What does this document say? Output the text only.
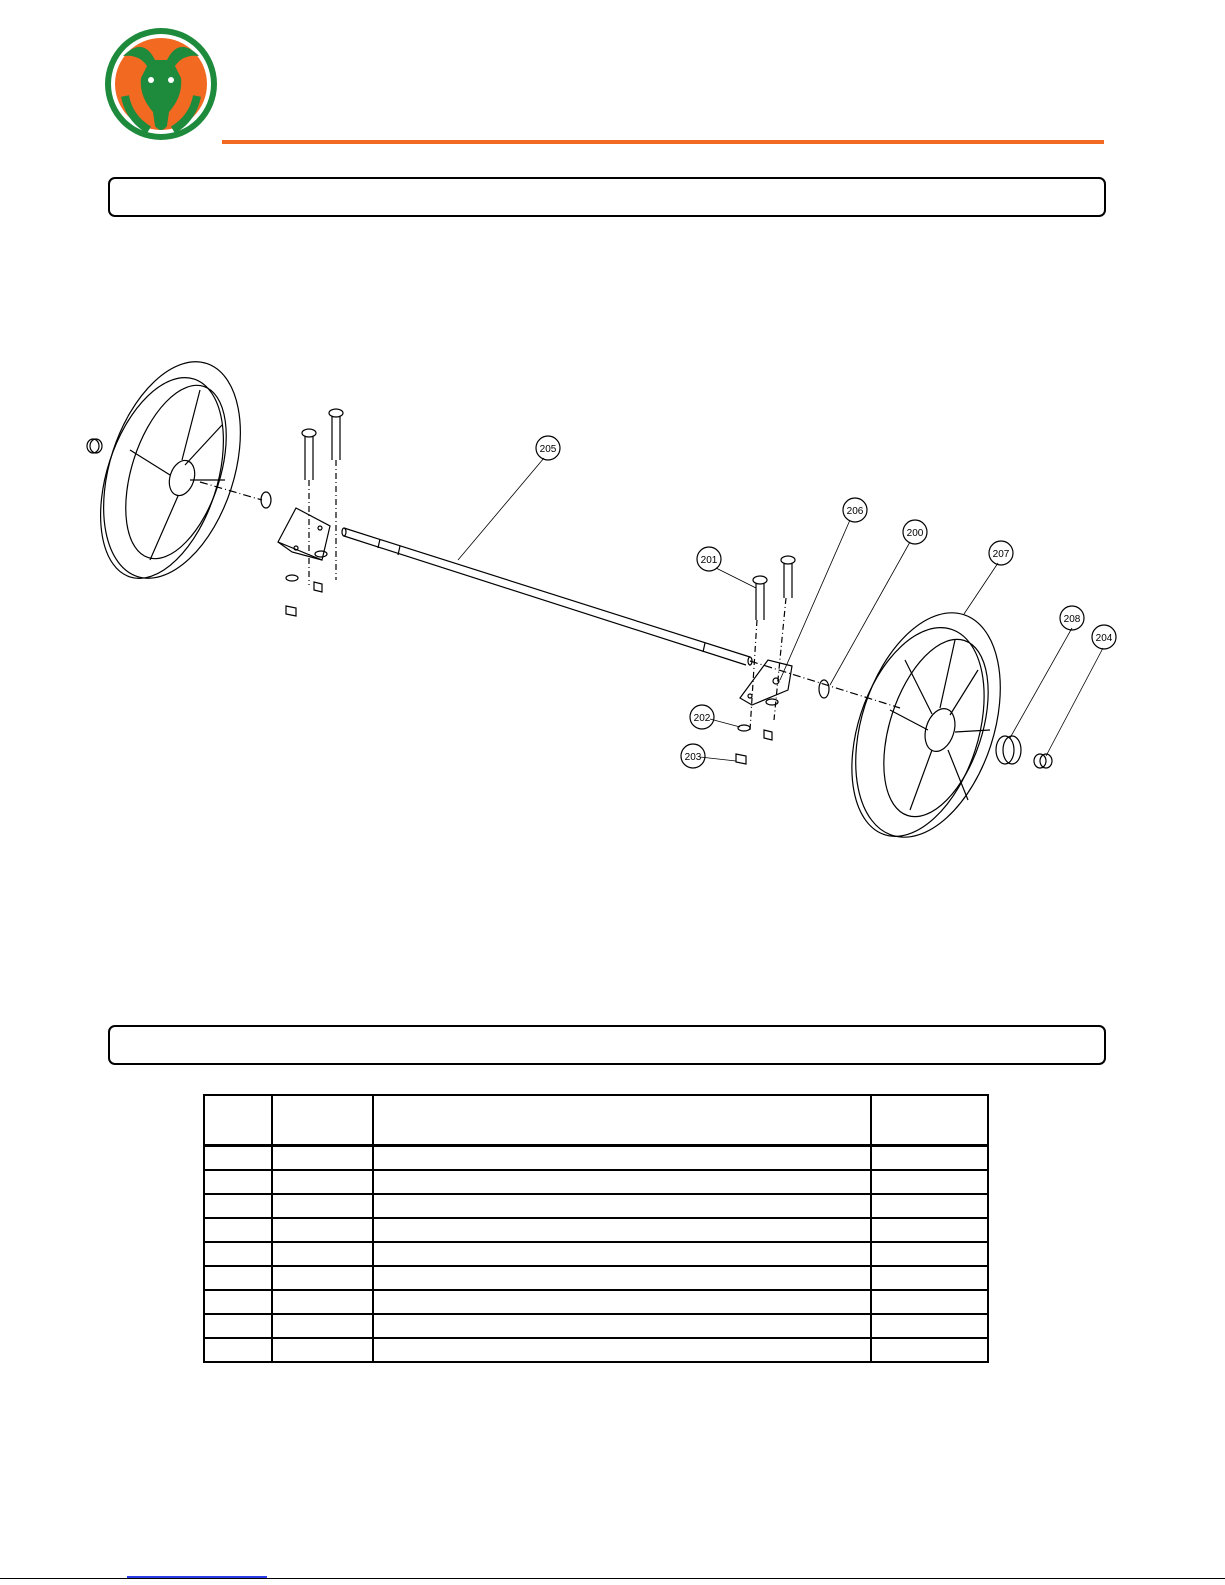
205
206
200
207
201
208
204
202
203
